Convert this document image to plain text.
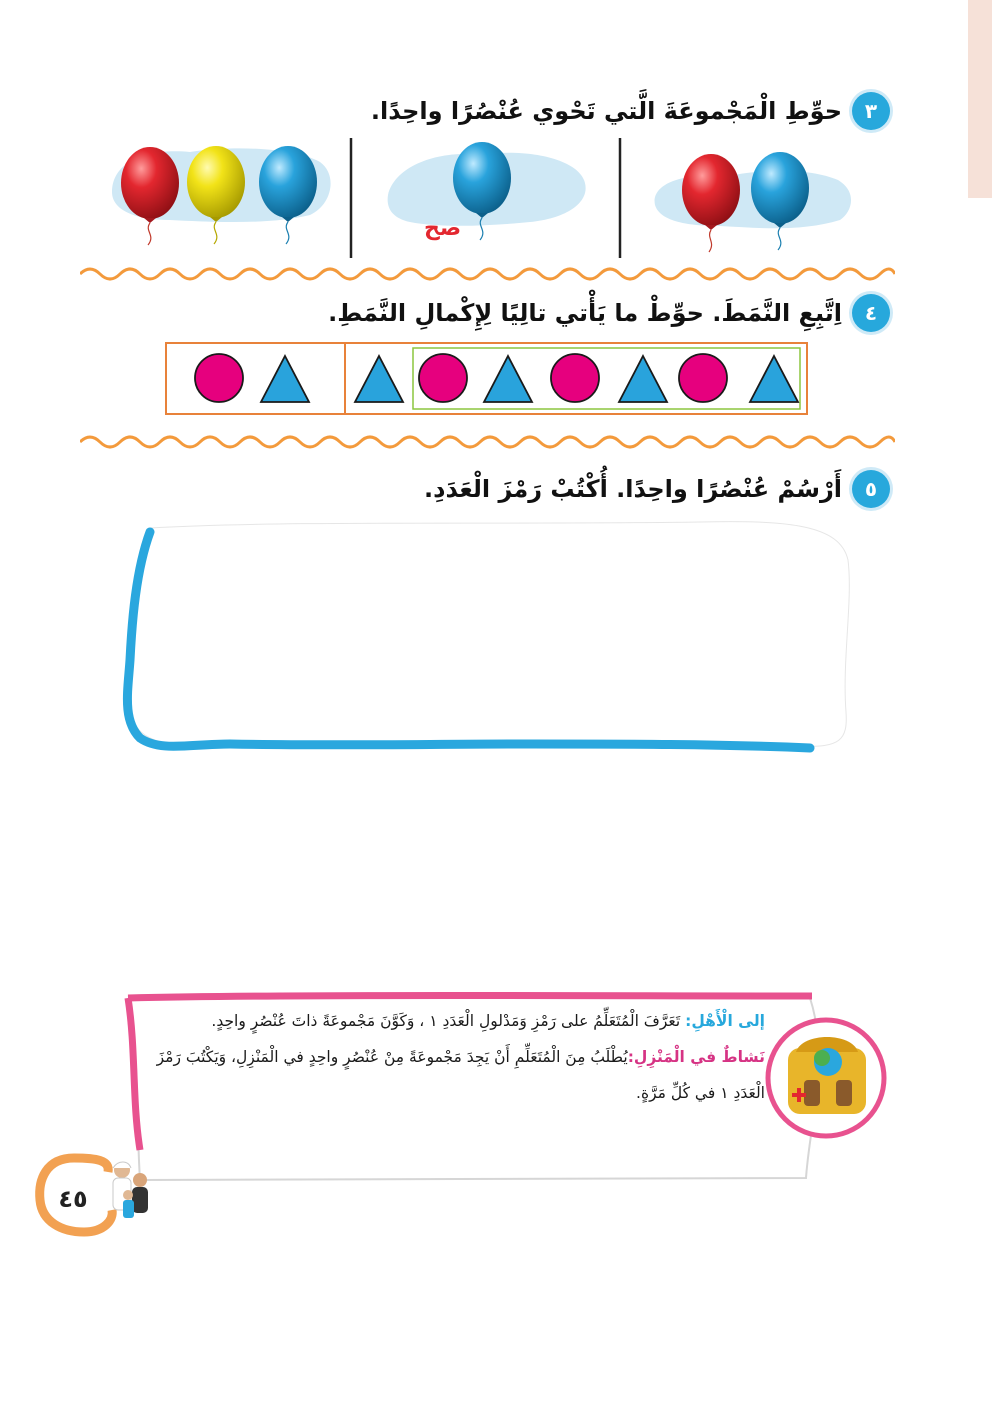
٣
حوِّطِ الْمَجْموعَةَ الَّتي تَحْوي عُنْصُرًا واحِدًا.
صح
٤
اِتَّبِعِ النَّمَطَ. حوِّطْ ما يَأْتي تالِيًا لِإِكْمالِ النَّمَطِ.
٥
أَرْسُمْ عُنْصُرًا واحِدًا. أُكْتُبْ رَمْزَ الْعَدَدِ.
إلى الْأَهْلِ: تَعَرَّفَ الْمُتَعَلِّمُ على رَمْزِ وَمَدْلولِ الْعَدَدِ ١ ، وَكَوَّنَ مَجْموعَةً ذاتَ عُنْصُرٍ واحِدٍ.
نَشاطٌ في الْمَنْزِلِ:يُطْلَبُ مِنَ الْمُتَعَلِّمِ أَنْ يَجِدَ مَجْموعَةً مِنْ عُنْصُرٍ واحِدٍ في الْمَنْزِلِ، وَيَكْتُبَ رَمْزَ الْعَدَدِ ١ في كُلِّ مَرَّةٍ.
٤٥
